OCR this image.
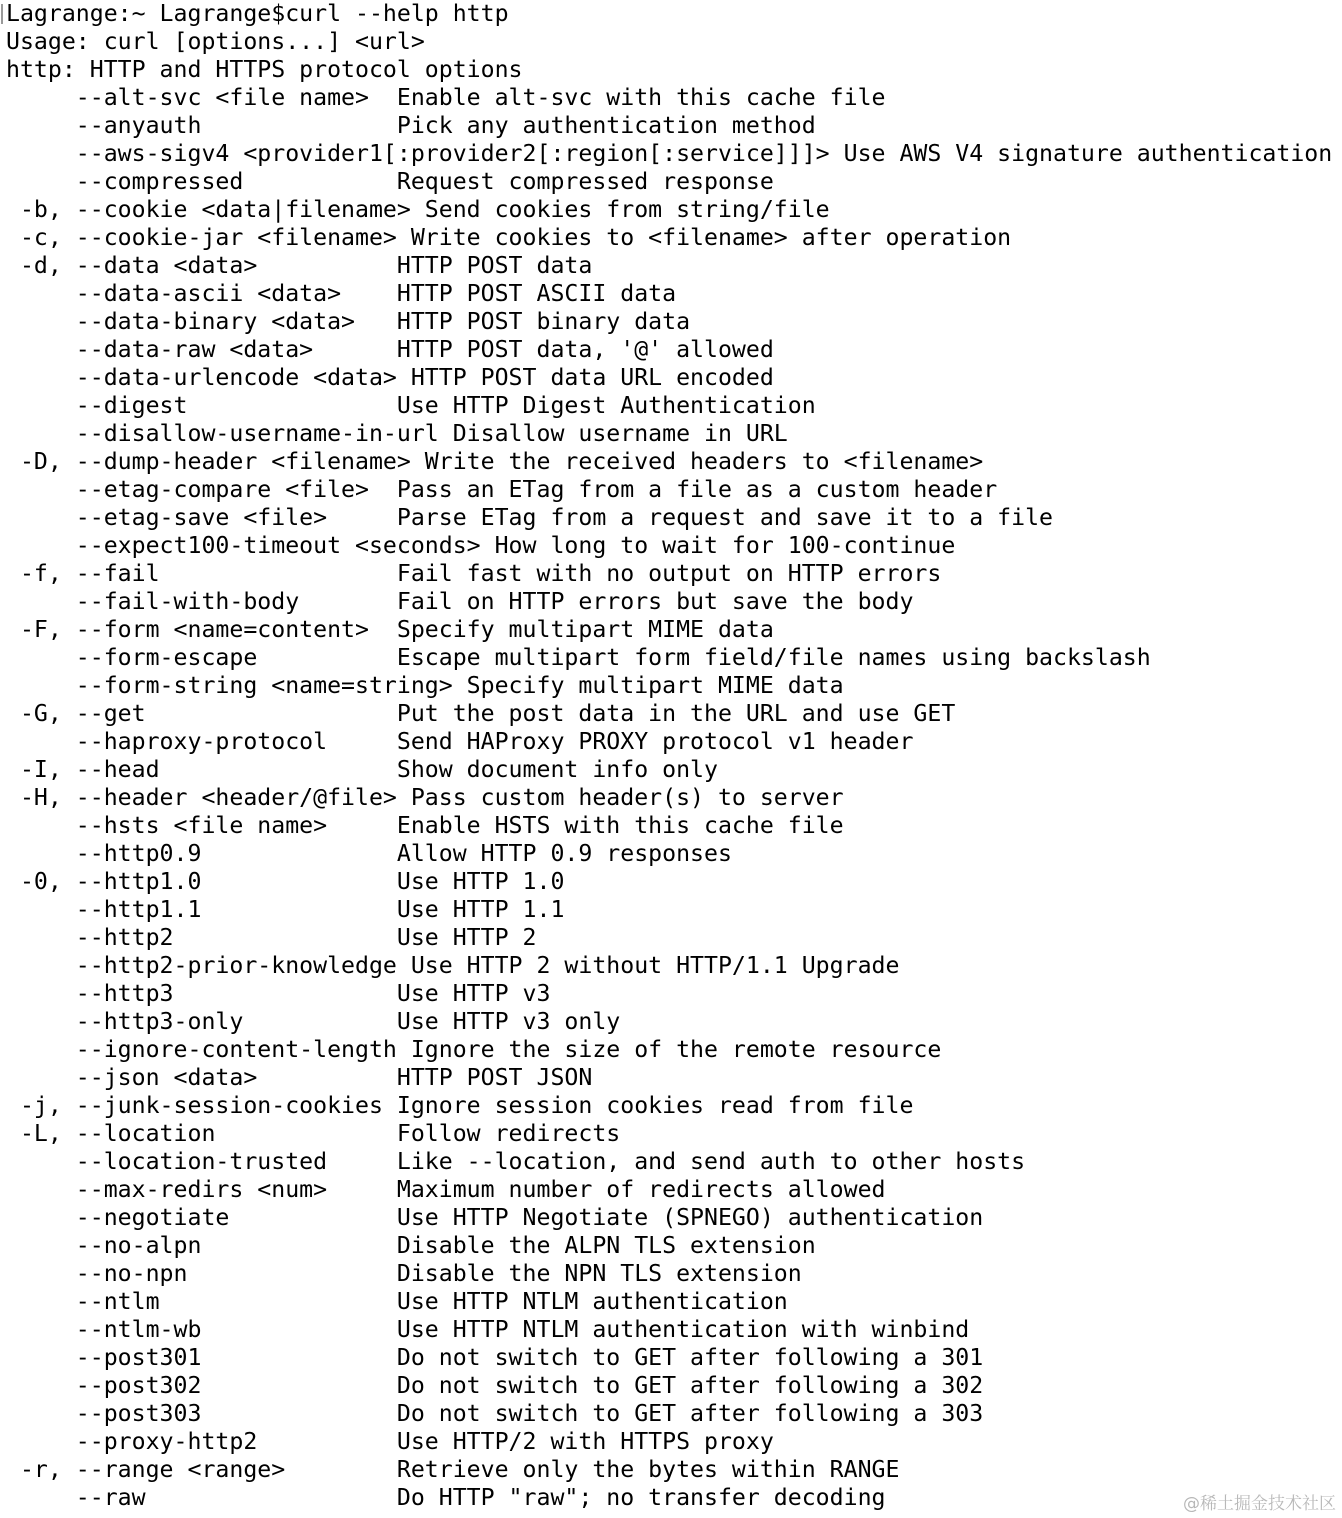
Lagrange:~ Lagrange$curl --help http
Usage: curl [options...] <url>
http: HTTP and HTTPS protocol options
--alt-svc <file name>  Enable alt-svc with this cache file
--anyauth              Pick any authentication method
--aws-sigv4 <provider1[:provider2[:region[:service]]]> Use AWS V4 signature authentication
--compressed           Request compressed response
-b, --cookie <data|filename> Send cookies from string/file
-c, --cookie-jar <filename> Write cookies to <filename> after operation
-d, --data <data>          HTTP POST data
--data-ascii <data>    HTTP POST ASCII data
--data-binary <data>   HTTP POST binary data
--data-raw <data>      HTTP POST data, '@' allowed
--data-urlencode <data> HTTP POST data URL encoded
--digest               Use HTTP Digest Authentication
--disallow-username-in-url Disallow username in URL
-D, --dump-header <filename> Write the received headers to <filename>
--etag-compare <file>  Pass an ETag from a file as a custom header
--etag-save <file>     Parse ETag from a request and save it to a file
--expect100-timeout <seconds> How long to wait for 100-continue
-f, --fail                 Fail fast with no output on HTTP errors
--fail-with-body       Fail on HTTP errors but save the body
-F, --form <name=content>  Specify multipart MIME data
--form-escape          Escape multipart form field/file names using backslash
--form-string <name=string> Specify multipart MIME data
-G, --get                  Put the post data in the URL and use GET
--haproxy-protocol     Send HAProxy PROXY protocol v1 header
-I, --head                 Show document info only
-H, --header <header/@file> Pass custom header(s) to server
--hsts <file name>     Enable HSTS with this cache file
--http0.9              Allow HTTP 0.9 responses
-0, --http1.0              Use HTTP 1.0
--http1.1              Use HTTP 1.1
--http2                Use HTTP 2
--http2-prior-knowledge Use HTTP 2 without HTTP/1.1 Upgrade
--http3                Use HTTP v3
--http3-only           Use HTTP v3 only
--ignore-content-length Ignore the size of the remote resource
--json <data>          HTTP POST JSON
-j, --junk-session-cookies Ignore session cookies read from file
-L, --location             Follow redirects
--location-trusted     Like --location, and send auth to other hosts
--max-redirs <num>     Maximum number of redirects allowed
--negotiate            Use HTTP Negotiate (SPNEGO) authentication
--no-alpn              Disable the ALPN TLS extension
--no-npn               Disable the NPN TLS extension
--ntlm                 Use HTTP NTLM authentication
--ntlm-wb              Use HTTP NTLM authentication with winbind
--post301              Do not switch to GET after following a 301
--post302              Do not switch to GET after following a 302
--post303              Do not switch to GET after following a 303
--proxy-http2          Use HTTP/2 with HTTPS proxy
-r, --range <range>        Retrieve only the bytes within RANGE
--raw                  Do HTTP "raw"; no transfer decoding	@稀土掘金技术社区
